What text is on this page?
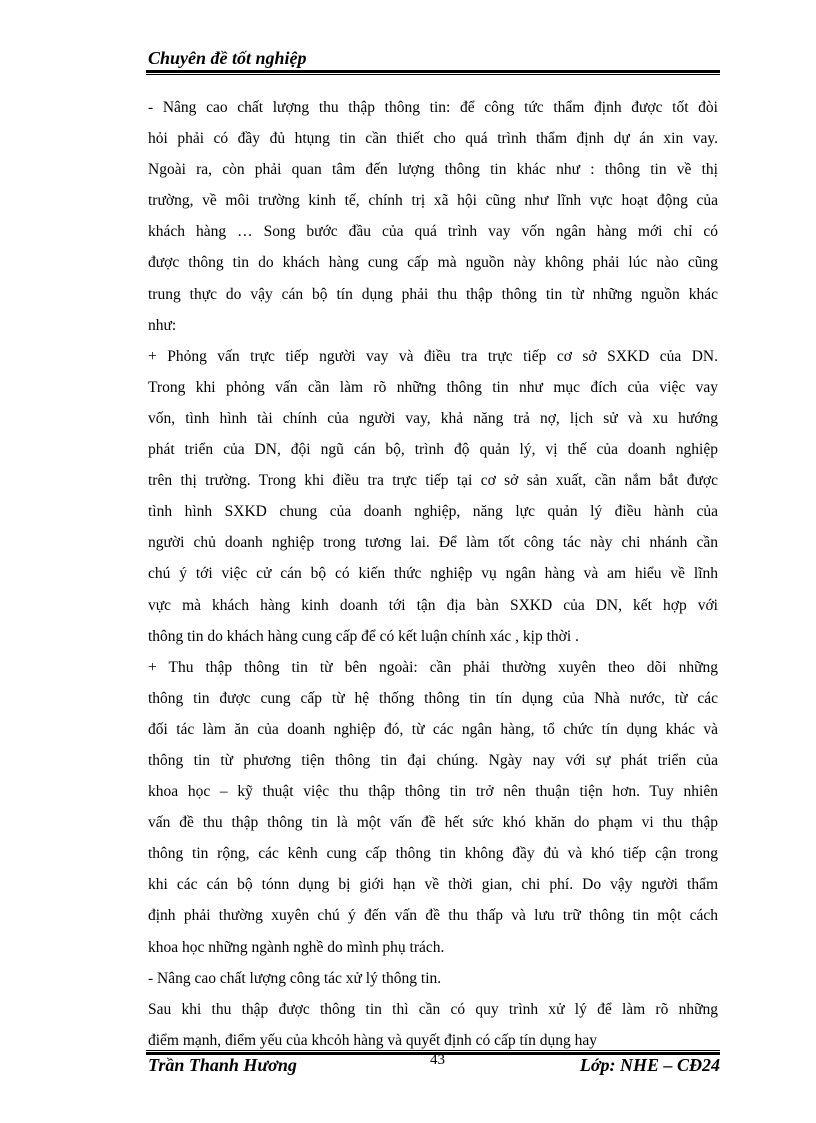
Chuyên đề tốt nghiệp
- Nâng cao chất lượng thu thập thông tin: để công tức thẩm định được tốt đòi
hỏi phải có đầy đủ htụng tin cần thiết cho quá trình thẩm định dự án xin vay.
Ngoài ra, còn phải quan tâm đến lượng thông tin khác như : thông tin về thị
trường, về môi trường kinh tế, chính trị xã hội cũng như lĩnh vực hoạt động của
khách hàng … Song bước đầu của quá trình vay vốn ngân hàng mới chỉ có
được thông tin do khách hàng cung cấp mà nguồn này không phải lúc nào cũng
trung thực do vậy cán bộ tín dụng phải thu thập thông tin từ những nguồn khác
như:
+ Phỏng vấn trực tiếp người vay và điều tra trực tiếp cơ sở SXKD của DN.
Trong khi phỏng vấn cần làm rõ những thông tin như mục đích của việc vay
vốn, tình hình tài chính của người vay, khả năng trả nợ, lịch sử và xu hướng
phát triển của DN, đội ngũ cán bộ, trình độ quản lý, vị thế của doanh nghiệp
trên thị trường. Trong khi điều tra trực tiếp tại cơ sở sản xuất, cần nắm bắt được
tình hình SXKD chung của doanh nghiệp, năng lực quản lý điều hành của
người chủ doanh nghiệp trong tương lai. Để làm tốt công tác này chi nhánh cần
chú ý tới việc cử cán bộ có kiến thức nghiệp vụ ngân hàng và am hiểu về lĩnh
vực mà khách hàng kinh doanh tới tận địa bàn SXKD của DN, kết hợp với
thông tin do khách hàng cung cấp để có kết luận chính xác , kịp thời .
+ Thu thập thông tin từ bên ngoài: cần phải thường xuyên theo dõi những
thông tin được cung cấp từ hệ thống thông tin tín dụng của Nhà nước, từ các
đối tác làm ăn của doanh nghiệp đó, từ các ngân hàng, tổ chức tín dụng khác và
thông tin từ phương tiện thông tin đại chúng. Ngày nay với sự phát triển của
khoa học – kỹ thuật việc thu thập thông tin trở nên thuận tiện hơn. Tuy nhiên
vấn đề thu thập thông tin là một vấn đề hết sức khó khăn do phạm vi thu thập
thông tin rộng, các kênh cung cấp thông tin không đầy đủ và khó tiếp cận trong
khi các cán bộ tónn dụng bị giới hạn về thời gian, chi phí. Do vậy người thẩm
định phải thường xuyên chú ý đến vấn đề thu thấp và lưu trữ thông tin một cách
khoa học những ngành nghề do mình phụ trách.
- Nâng cao chất lượng công tác xử lý thông tin.
Sau khi thu thập được thông tin thì cần có quy trình xử lý để làm rõ những
điểm mạnh, điểm yếu của khcỏh hàng và quyết định có cấp tín dụng hay
Trần Thanh Hương	43	Lớp: NHE – CĐ24
